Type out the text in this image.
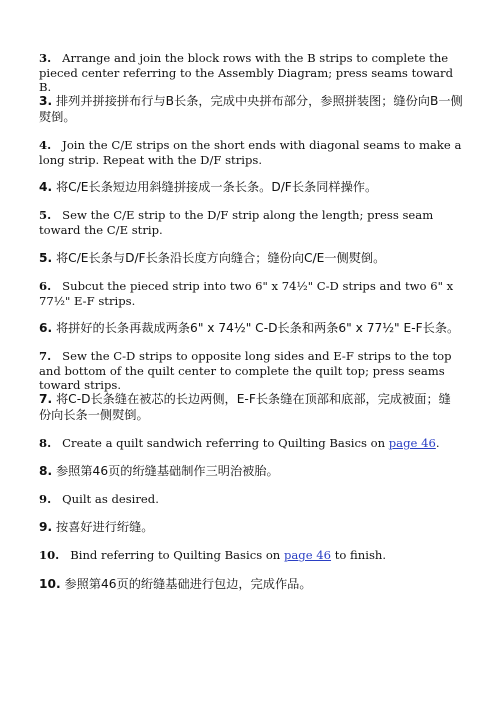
3. Arrange and join the block rows with the B strips to complete the pieced center referring to the Assembly Diagram; press seams toward B.

3. 排列并拼接拼布行与B长条，完成中央拼布部分，参照拼装图；缝份向B一侧熨倒。

4. Join the C/E strips on the short ends with diagonal seams to make a long strip. Repeat with the D/F strips.

4. 将C/E长条短边用斜缝拼接成一条长条。D/F长条同样操作。

5. Sew the C/E strip to the D/F strip along the length; press seam toward the C/E strip.

5. 将C/E长条与D/F长条沿长度方向缝合；缝份向C/E一侧熨倒。

6. Subcut the pieced strip into two 6" x 74½" C-D strips and two 6" x 77½" E-F strips.

6. 将拼好的长条再裁成两条6" x 74½" C-D长条和两条6" x 77½" E-F长条。

7. Sew the C-D strips to opposite long sides and E-F strips to the top and bottom of the quilt center to complete the quilt top; press seams toward strips.

7. 将C-D长条缝在被芯的长边两侧，E-F长条缝在顶部和底部，完成被面；缝份向长条一侧熨倒。

8. Create a quilt sandwich referring to Quilting Basics on page 46.

8. 参照第46页的绗缝基础制作三明治被胎。

9. Quilt as desired.

9. 按喜好进行绗缝。

10. Bind referring to Quilting Basics on page 46 to finish.

10. 参照第46页的绗缝基础进行包边，完成作品。
